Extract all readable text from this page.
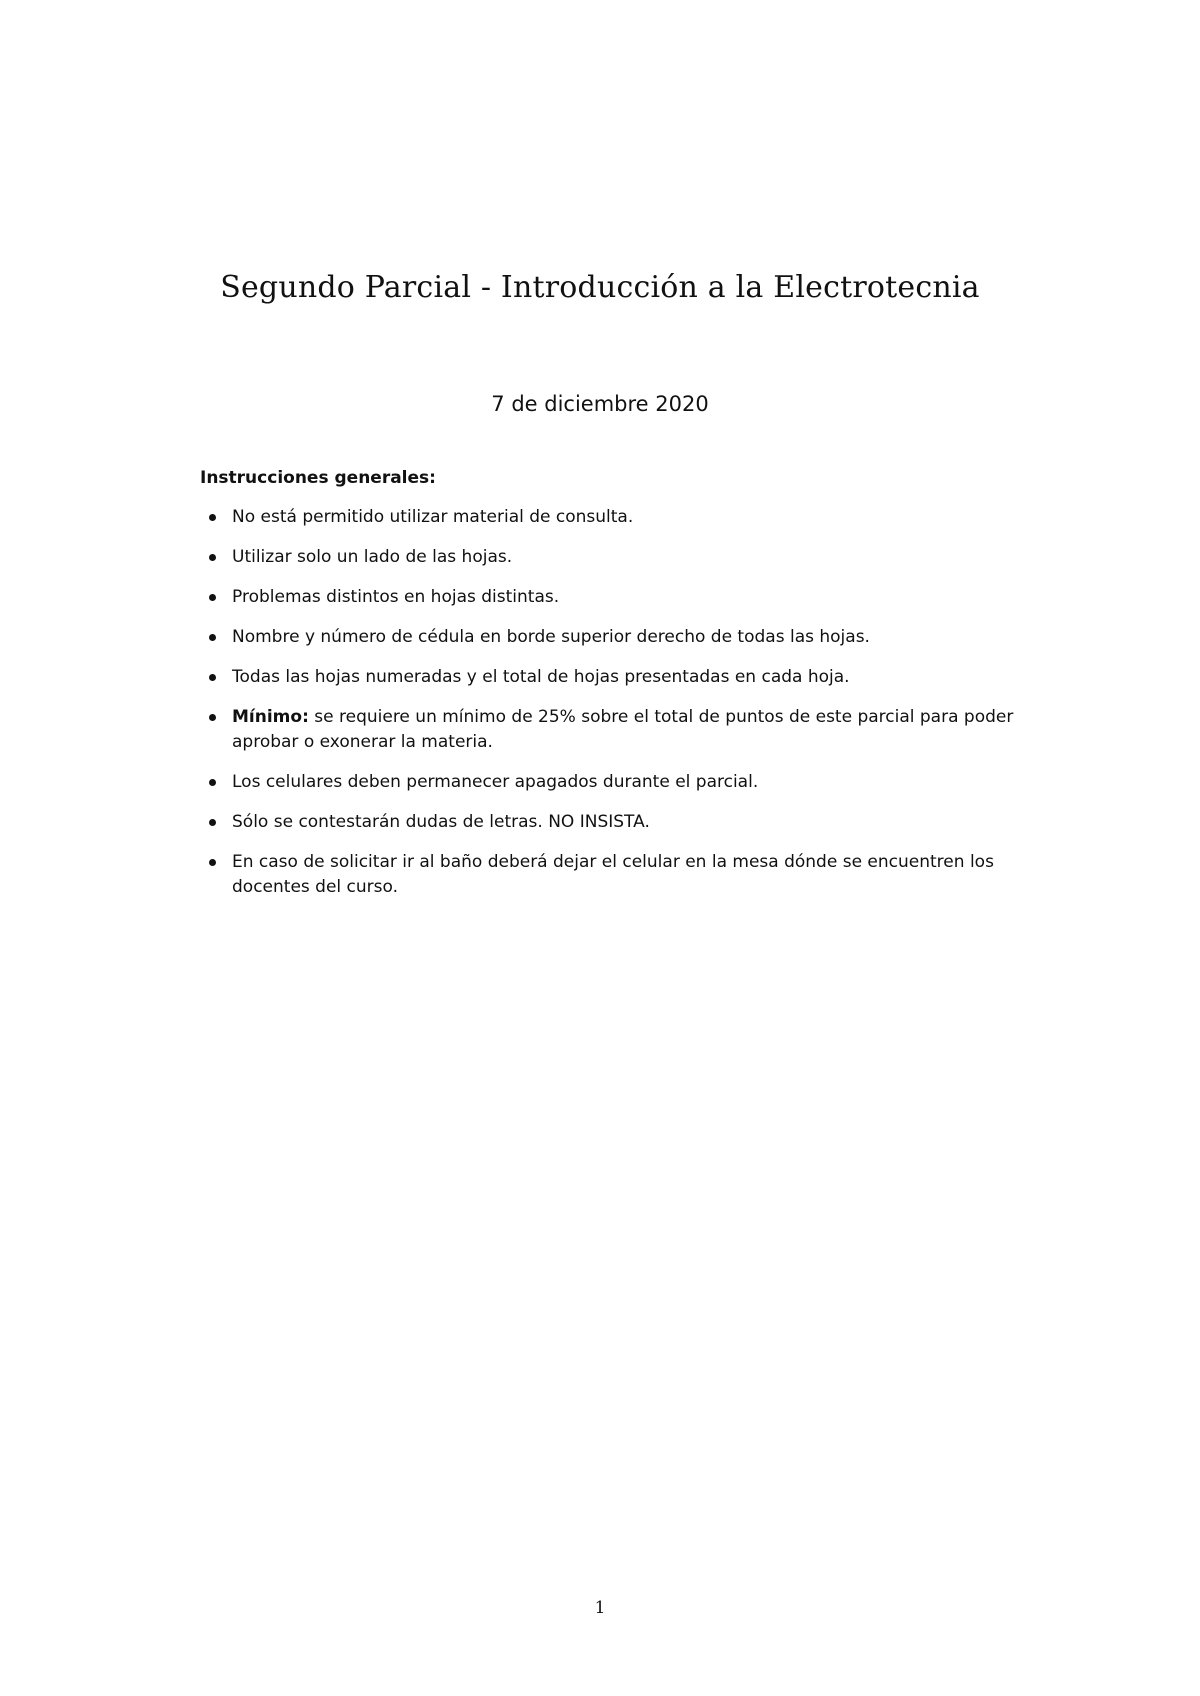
Segundo Parcial - Introducción a la Electrotecnia

7 de diciembre 2020

Instrucciones generales:

No está permitido utilizar material de consulta.
Utilizar solo un lado de las hojas.
Problemas distintos en hojas distintas.
Nombre y número de cédula en borde superior derecho de todas las hojas.
Todas las hojas numeradas y el total de hojas presentadas en cada hoja.
Mínimo: se requiere un mínimo de 25% sobre el total de puntos de este parcial para poder aprobar o exonerar la materia.
Los celulares deben permanecer apagados durante el parcial.
Sólo se contestarán dudas de letras. NO INSISTA.
En caso de solicitar ir al baño deberá dejar el celular en la mesa dónde se encuentren los docentes del curso.

1
